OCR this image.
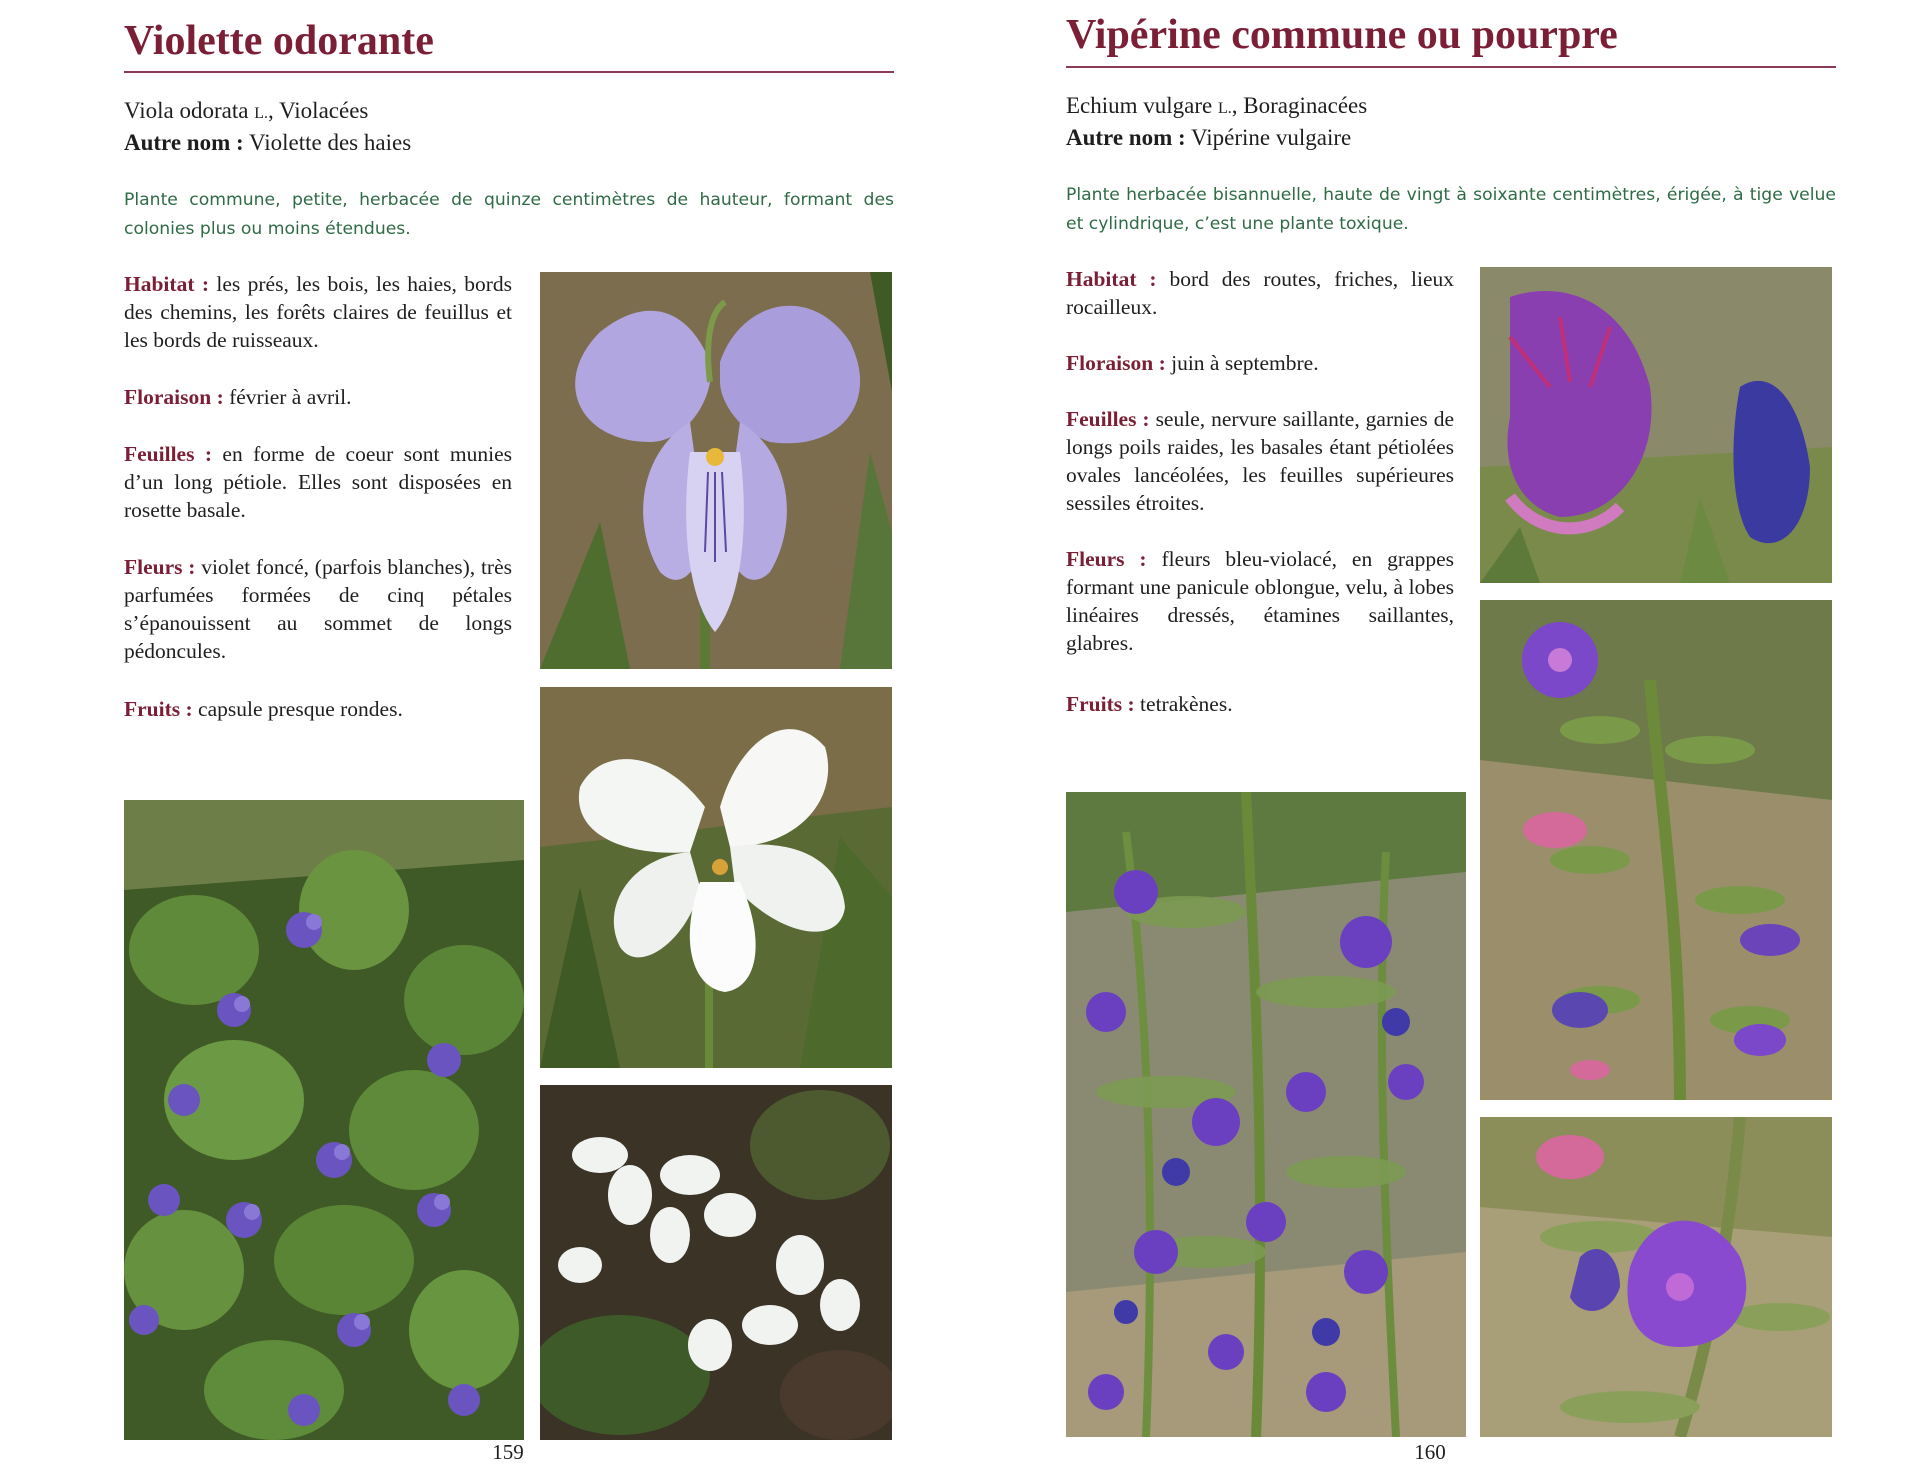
Violette odorante
Viola odorata L., Violacées
Autre nom : Violette des haies
Plante commune, petite, herbacée de quinze centimètres de hauteur, formant des colonies plus ou moins étendues.
Habitat : les prés, les bois, les haies, bords des chemins, les forêts claires de feuillus et les bords de ruisseaux.
Floraison : février à avril.
Feuilles : en forme de coeur sont munies d’un long pétiole. Elles sont disposées en rosette basale.
Fleurs : violet foncé, (parfois blanches), très parfumées formées de cinq pétales s’épanouissent au sommet de longs pédoncules.
Fruits : capsule presque rondes.
159
Vipérine commune ou pourpre
Echium vulgare L., Boraginacées
Autre nom : Vipérine vulgaire
Plante herbacée bisannuelle, haute de vingt à soixante centimètres, érigée, à tige velue et cylindrique, c’est une plante toxique.
Habitat : bord des routes, friches, lieux rocailleux.
Floraison : juin à septembre.
Feuilles : seule, nervure saillante, garnies de longs poils raides, les basales étant pétiolées ovales lancéolées, les feuilles supérieures sessiles étroites.
Fleurs : fleurs bleu-violacé, en grappes formant une panicule oblongue, velu, à lobes linéaires dressés, étamines saillantes, glabres.
Fruits : tetrakènes.
160
